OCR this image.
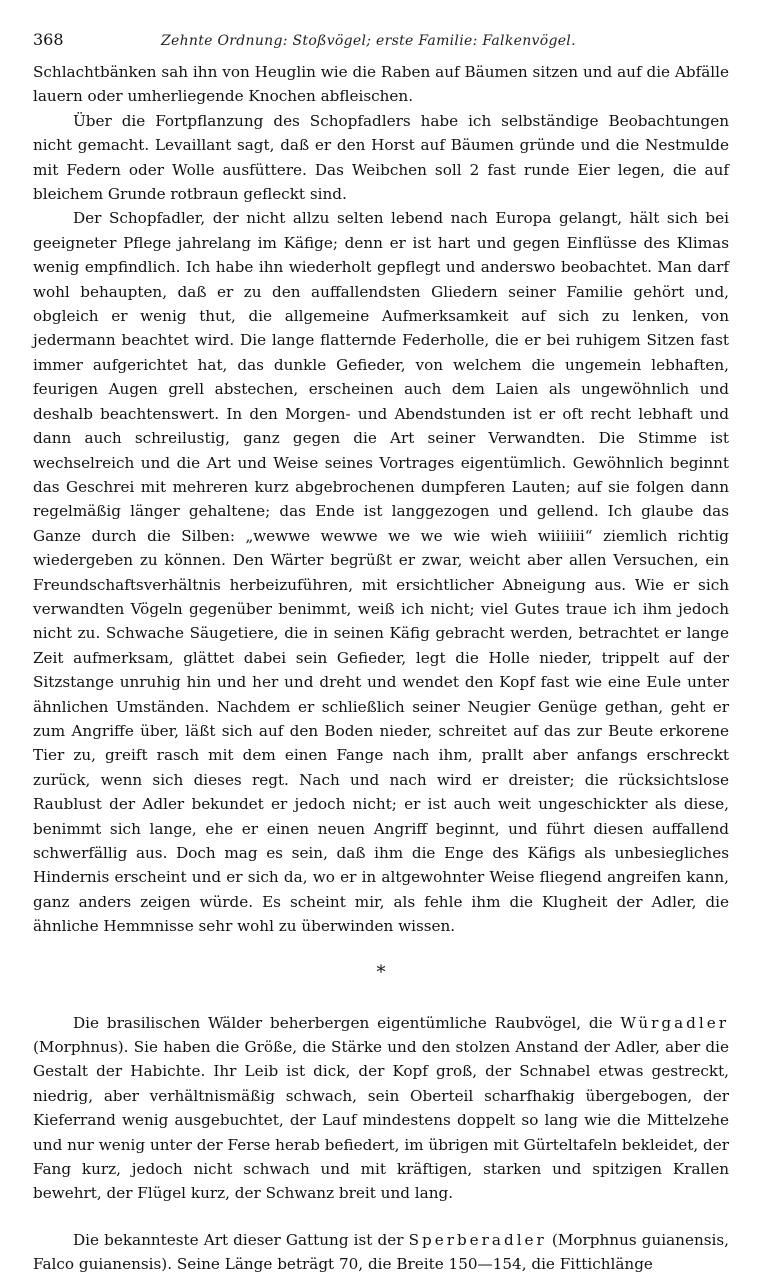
368	Zehnte Ordnung: Stoßvögel; erste Familie: Falkenvögel.

Schlachtbänken sah ihn von Heuglin wie die Raben auf Bäumen sitzen und auf die Abfälle lauern oder umherliegende Knochen abfleischen.

Über die Fortpflanzung des Schopfadlers habe ich selbständige Beobachtungen nicht gemacht. Levaillant sagt, daß er den Horst auf Bäumen gründe und die Nestmulde mit Federn oder Wolle ausfüttere. Das Weibchen soll 2 fast runde Eier legen, die auf bleichem Grunde rotbraun gefleckt sind.

Der Schopfadler, der nicht allzu selten lebend nach Europa gelangt, hält sich bei geeigneter Pflege jahrelang im Käfige; denn er ist hart und gegen Einflüsse des Klimas wenig empfindlich. Ich habe ihn wiederholt gepflegt und anderswo beobachtet. Man darf wohl behaupten, daß er zu den auffallendsten Gliedern seiner Familie gehört und, obgleich er wenig thut, die allgemeine Aufmerksamkeit auf sich zu lenken, von jedermann beachtet wird. Die lange flatternde Federholle, die er bei ruhigem Sitzen fast immer aufgerichtet hat, das dunkle Gefieder, von welchem die ungemein lebhaften, feurigen Augen grell abstechen, erscheinen auch dem Laien als ungewöhnlich und deshalb beachtenswert. In den Morgen- und Abendstunden ist er oft recht lebhaft und dann auch schreilustig, ganz gegen die Art seiner Verwandten. Die Stimme ist wechselreich und die Art und Weise seines Vortrages eigentümlich. Gewöhnlich beginnt das Geschrei mit mehreren kurz abgebrochenen dumpferen Lauten; auf sie folgen dann regelmäßig länger gehaltene; das Ende ist langgezogen und gellend. Ich glaube das Ganze durch die Silben: „wewwe wewwe we we wie wieh wiiiiiii“ ziemlich richtig wiedergeben zu können. Den Wärter begrüßt er zwar, weicht aber allen Versuchen, ein Freundschaftsverhältnis herbeizuführen, mit ersichtlicher Abneigung aus. Wie er sich verwandten Vögeln gegenüber benimmt, weiß ich nicht; viel Gutes traue ich ihm jedoch nicht zu. Schwache Säugetiere, die in seinen Käfig gebracht werden, betrachtet er lange Zeit aufmerksam, glättet dabei sein Gefieder, legt die Holle nieder, trippelt auf der Sitzstange unruhig hin und her und dreht und wendet den Kopf fast wie eine Eule unter ähnlichen Umständen. Nachdem er schließlich seiner Neugier Genüge gethan, geht er zum Angriffe über, läßt sich auf den Boden nieder, schreitet auf das zur Beute erkorene Tier zu, greift rasch mit dem einen Fange nach ihm, prallt aber anfangs erschreckt zurück, wenn sich dieses regt. Nach und nach wird er dreister; die rücksichtslose Raublust der Adler bekundet er jedoch nicht; er ist auch weit ungeschickter als diese, benimmt sich lange, ehe er einen neuen Angriff beginnt, und führt diesen auffallend schwerfällig aus. Doch mag es sein, daß ihm die Enge des Käfigs als unbesiegliches Hindernis erscheint und er sich da, wo er in altgewohnter Weise fliegend angreifen kann, ganz anders zeigen würde. Es scheint mir, als fehle ihm die Klugheit der Adler, die ähnliche Hemmnisse sehr wohl zu überwinden wissen.

*

Die brasilischen Wälder beherbergen eigentümliche Raubvögel, die Würgadler (Morphnus). Sie haben die Größe, die Stärke und den stolzen Anstand der Adler, aber die Gestalt der Habichte. Ihr Leib ist dick, der Kopf groß, der Schnabel etwas gestreckt, niedrig, aber verhältnismäßig schwach, sein Oberteil scharfhakig übergebogen, der Kieferrand wenig ausgebuchtet, der Lauf mindestens doppelt so lang wie die Mittelzehe und nur wenig unter der Ferse herab befiedert, im übrigen mit Gürteltafeln bekleidet, der Fang kurz, jedoch nicht schwach und mit kräftigen, starken und spitzigen Krallen bewehrt, der Flügel kurz, der Schwanz breit und lang.

Die bekannteste Art dieser Gattung ist der Sperberadler (Morphnus guianensis, Falco guianensis). Seine Länge beträgt 70, die Breite 150—154, die Fittichlänge
